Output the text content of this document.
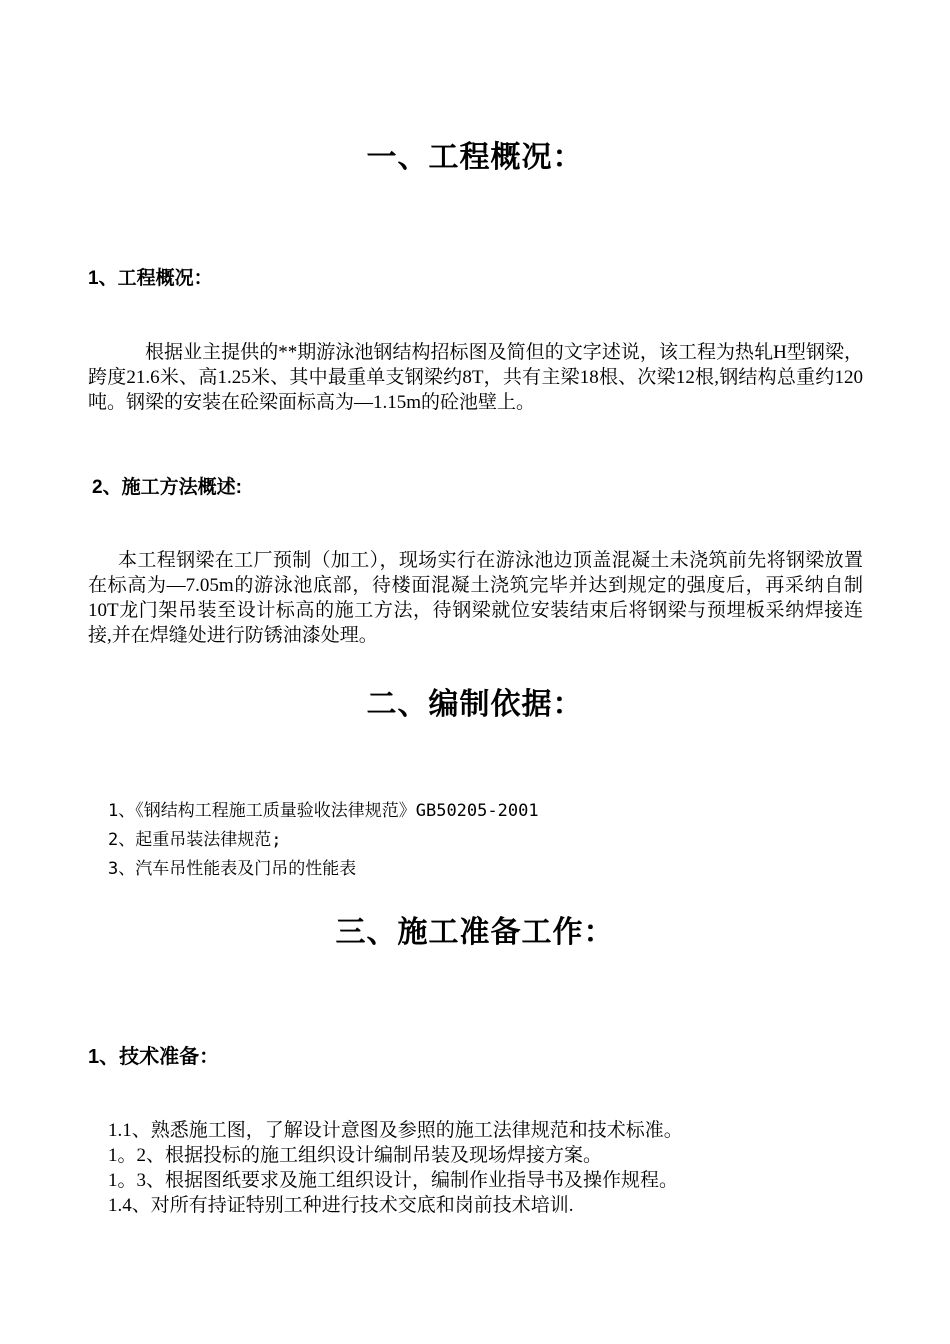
一、工程概况：
1、工程概况：

根据业主提供的**期游泳池钢结构招标图及简但的文字述说，该工程为热轧H型钢梁，跨度21.6米、高1.25米、其中最重单支钢梁约8T，共有主梁18根、次梁12根,钢结构总重约120吨。钢梁的安装在砼梁面标高为—1.15m的砼池壁上。

2、施工方法概述:

本工程钢梁在工厂预制（加工），现场实行在游泳池边顶盖混凝土未浇筑前先将钢梁放置在标高为—7.05m的游泳池底部，待楼面混凝土浇筑完毕并达到规定的强度后，再采纳自制10T龙门架吊装至设计标高的施工方法，待钢梁就位安装结束后将钢梁与预埋板采纳焊接连接,并在焊缝处进行防锈油漆处理。

二、编制依据：
1、《钢结构工程施工质量验收法律规范》GB50205-2001
2、起重吊装法律规范;
3、汽车吊性能表及门吊的性能表
三、施工准备工作：
1、技术准备：
1.1、熟悉施工图，了解设计意图及参照的施工法律规范和技术标准。
1。2、根据投标的施工组织设计编制吊装及现场焊接方案。
1。3、根据图纸要求及施工组织设计，编制作业指导书及操作规程。
1.4、对所有持证特别工种进行技术交底和岗前技术培训.
